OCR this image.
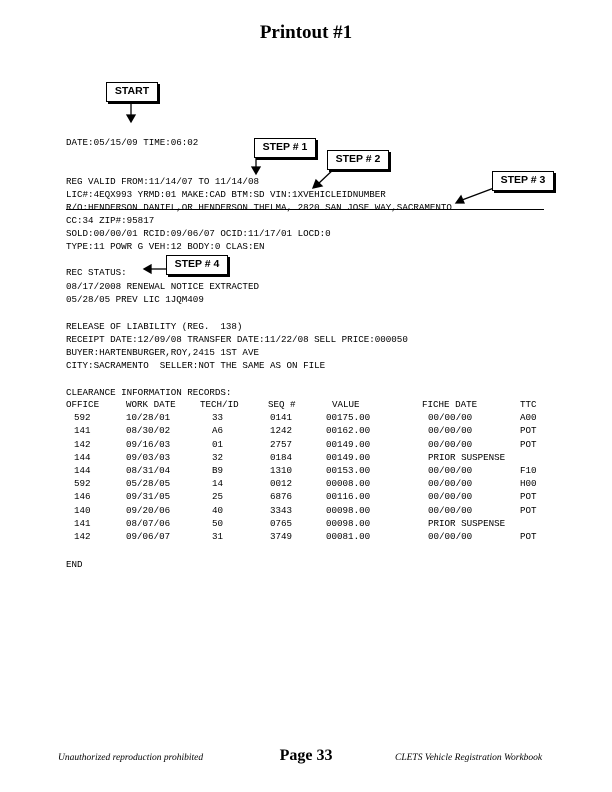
Printout #1
START
STEP # 1
STEP # 2
STEP # 3
STEP # 4
DATE:05/15/09 TIME:06:02
REG VALID FROM:11/14/07 TO 11/14/08
LIC#:4EQX993 YRMD:01 MAKE:CAD BTM:SD VIN:1XVEHICLEIDNUMBER
R/O:HENDERSON DANIEL,OR HENDERSON THELMA, 2820 SAN JOSE WAY,SACRAMENTO
CC:34 ZIP#:95817
SOLD:00/00/01 RCID:09/06/07 OCID:11/17/01 LOCD:0
TYPE:11 POWR G VEH:12 BODY:0 CLAS:EN
REC STATUS:
08/17/2008 RENEWAL NOTICE EXTRACTED
05/28/05 PREV LIC 1JQM409
RELEASE OF LIABILITY (REG.  138)
RECEIPT DATE:12/09/08 TRANSFER DATE:11/22/08 SELL PRICE:000050
BUYER:HARTENBURGER,ROY,2415 1ST AVE
CITY:SACRAMENTO  SELLER:NOT THE SAME AS ON FILE
CLEARANCE INFORMATION RECORDS:
OFFICE	WORK DATE	TECH/ID	SEQ #	VALUE	FICHE DATE	TTC
592	10/28/01	33	0141	00175.00	00/00/00	A00
141	08/30/02	A6	1242	00162.00	00/00/00	POT
142	09/16/03	01	2757	00149.00	00/00/00	POT
144	09/03/03	32	0184	00149.00	PRIOR SUSPENSE	
144	08/31/04	B9	1310	00153.00	00/00/00	F10
592	05/28/05	14	0012	00008.00	00/00/00	H00
146	09/31/05	25	6876	00116.00	00/00/00	POT
140	09/20/06	40	3343	00098.00	00/00/00	POT
141	08/07/06	50	0765	00098.00	PRIOR SUSPENSE	
142	09/06/07	31	3749	00081.00	00/00/00	POT
END
Unauthorized reproduction prohibited	Page 33	CLETS Vehicle Registration Workbook
